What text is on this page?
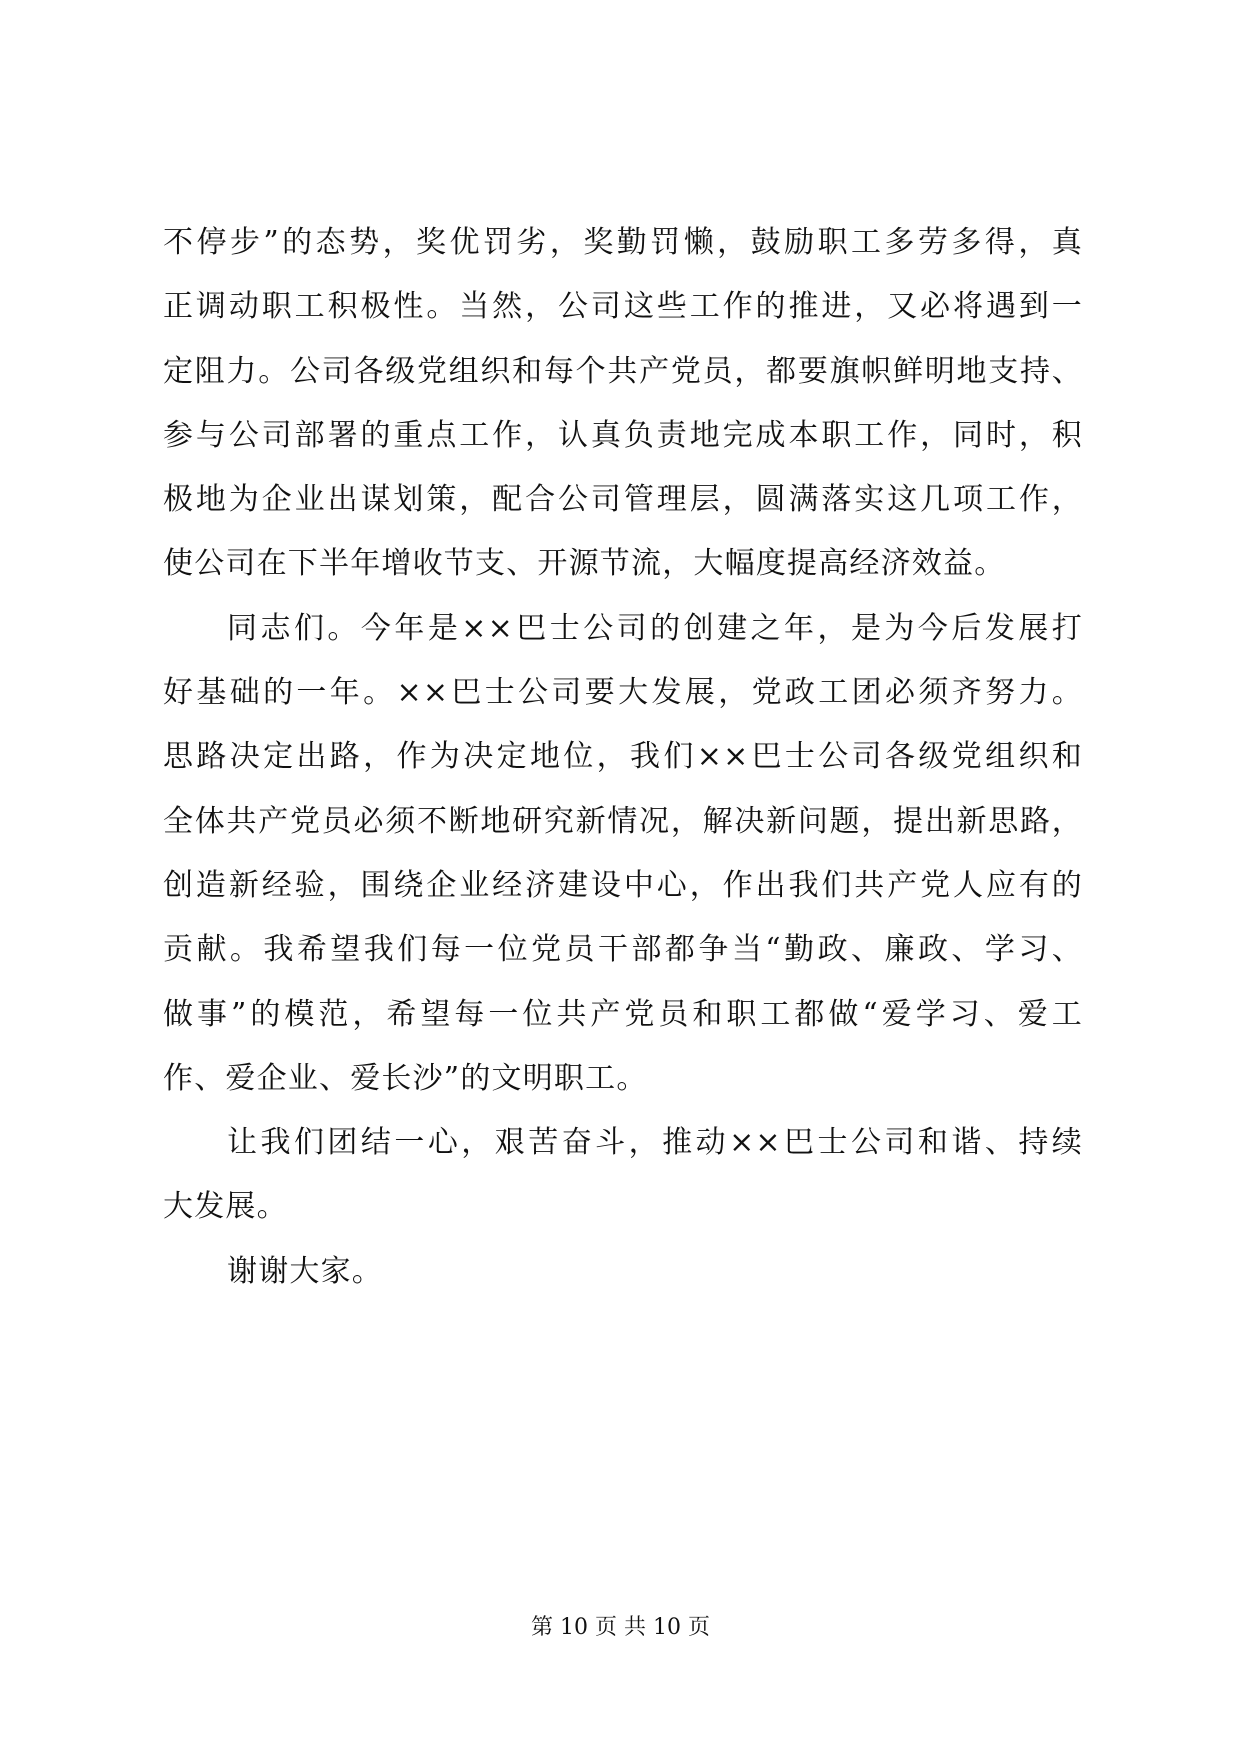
不停步”的态势，奖优罚劣，奖勤罚懒，鼓励职工多劳多得，真
正调动职工积极性。当然，公司这些工作的推进，又必将遇到一
定阻力。公司各级党组织和每个共产党员，都要旗帜鲜明地支持、
参与公司部署的重点工作，认真负责地完成本职工作，同时，积
极地为企业出谋划策，配合公司管理层，圆满落实这几项工作，
使公司在下半年增收节支、开源节流，大幅度提高经济效益。
同志们。今年是××巴士公司的创建之年，是为今后发展打
好基础的一年。××巴士公司要大发展，党政工团必须齐努力。
思路决定出路，作为决定地位，我们××巴士公司各级党组织和
全体共产党员必须不断地研究新情况，解决新问题，提出新思路，
创造新经验，围绕企业经济建设中心，作出我们共产党人应有的
贡献。我希望我们每一位党员干部都争当“勤政、廉政、学习、
做事”的模范，希望每一位共产党员和职工都做“爱学习、爱工
作、爱企业、爱长沙”的文明职工。
让我们团结一心，艰苦奋斗，推动××巴士公司和谐、持续
大发展。
谢谢大家。
第 10 页 共 10 页
